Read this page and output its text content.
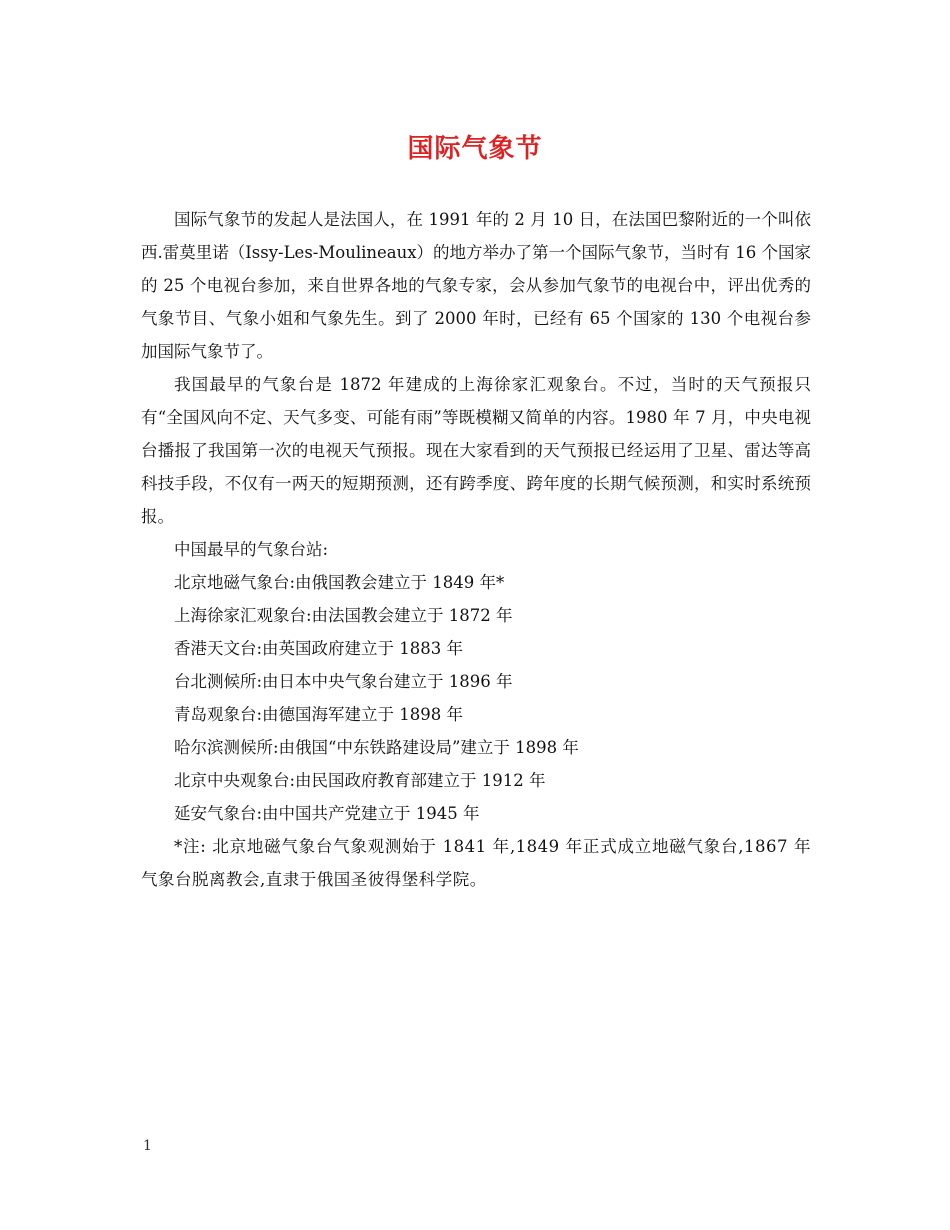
国际气象节

国际气象节的发起人是法国人，在 1991 年的 2 月 10 日，在法国巴黎附近的一个叫依西.雷莫里诺（Issy-Les-Moulineaux）的地方举办了第一个国际气象节，当时有 16 个国家的 25 个电视台参加，来自世界各地的气象专家，会从参加气象节的电视台中，评出优秀的气象节目、气象小姐和气象先生。到了 2000 年时，已经有 65 个国家的 130 个电视台参加国际气象节了。

我国最早的气象台是 1872 年建成的上海徐家汇观象台。不过，当时的天气预报只有“全国风向不定、天气多变、可能有雨”等既模糊又简单的内容。1980 年 7 月，中央电视台播报了我国第一次的电视天气预报。现在大家看到的天气预报已经运用了卫星、雷达等高科技手段，不仅有一两天的短期预测，还有跨季度、跨年度的长期气候预测，和实时系统预报。

中国最早的气象台站:
北京地磁气象台:由俄国教会建立于 1849 年*
上海徐家汇观象台:由法国教会建立于 1872 年
香港天文台:由英国政府建立于 1883 年
台北测候所:由日本中央气象台建立于 1896 年
青岛观象台:由德国海军建立于 1898 年
哈尔滨测候所:由俄国“中东铁路建设局”建立于 1898 年
北京中央观象台:由民国政府教育部建立于 1912 年
延安气象台:由中国共产党建立于 1945 年

*注: 北京地磁气象台气象观测始于 1841 年,1849 年正式成立地磁气象台,1867 年气象台脱离教会,直隶于俄国圣彼得堡科学院。

1
